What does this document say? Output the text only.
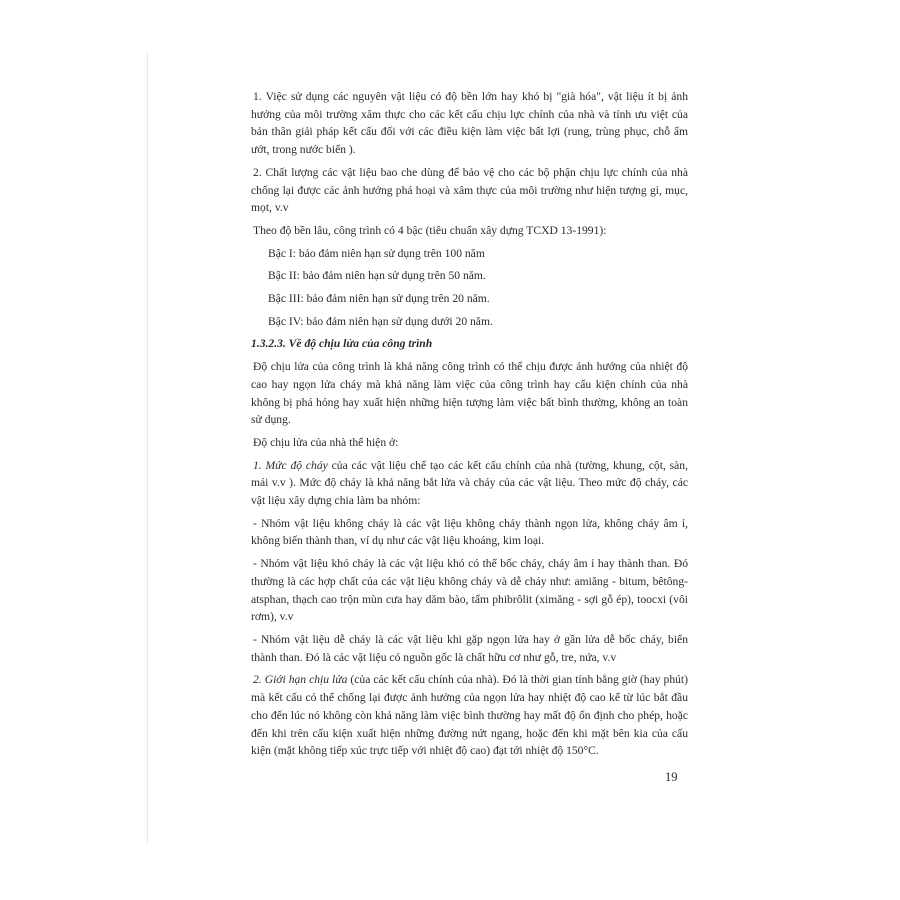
1. Việc sử dụng các nguyên vật liệu có độ bền lớn hay khó bị "già hóa", vật liệu ít bị ảnh hưởng của môi trường xâm thực cho các kết cấu chịu lực chính của nhà và tính ưu việt của bản thân giải pháp kết cấu đối với các điều kiện làm việc bất lợi (rung, trùng phục, chỗ ẩm ướt, trong nước biển ).

2. Chất lượng các vật liệu bao che dùng để bảo vệ cho các bộ phận chịu lực chính của nhà chống lại được các ảnh hưởng phá hoại và xâm thực của môi trường như hiện tượng gỉ, mục, mọt, v.v

Theo độ bền lâu, công trình có 4 bậc (tiêu chuẩn xây dựng TCXD 13-1991):

Bậc I: bảo đảm niên hạn sử dụng trên 100 năm

Bậc II: bảo đảm niên hạn sử dụng trên 50 năm.

Bậc III: bảo đảm niên hạn sử dụng trên 20 năm.

Bậc IV: bảo đảm niên hạn sử dụng dưới 20 năm.

1.3.2.3. Về độ chịu lửa của công trình

Độ chịu lửa của công trình là khả năng công trình có thể chịu được ảnh hưởng của nhiệt độ cao hay ngọn lửa cháy mà khả năng làm việc của công trình hay cấu kiện chính của nhà không bị phá hỏng hay xuất hiện những hiện tượng làm việc bất bình thường, không an toàn sử dụng.

Độ chịu lửa của nhà thể hiện ở:

1. Mức độ cháy của các vật liệu chế tạo các kết cấu chính của nhà (tường, khung, cột, sàn, mái v.v ). Mức độ cháy là khả năng bắt lửa và cháy của các vật liệu. Theo mức độ cháy, các vật liệu xây dựng chia làm ba nhóm:

- Nhóm vật liệu không cháy là các vật liệu không cháy thành ngọn lửa, không cháy âm ỉ, không biến thành than, ví dụ như các vật liệu khoáng, kim loại.

- Nhóm vật liệu khó cháy là các vật liệu khó có thể bốc cháy, cháy âm ỉ hay thành than. Đó thường là các hợp chất của các vật liệu không cháy và dễ cháy như: amiăng - bitum, bêtông-atsphan, thạch cao trộn mùn cưa hay dăm bào, tấm phibrôlit (ximăng - sợi gỗ ép), toocxi (vôi rơm), v.v

- Nhóm vật liệu dễ cháy là các vật liệu khi gặp ngọn lửa hay ở gần lửa dễ bốc cháy, biến thành than. Đó là các vật liệu có nguồn gốc là chất hữu cơ như gỗ, tre, nứa, v.v

2. Giới hạn chịu lửa (của các kết cấu chính của nhà). Đó là thời gian tính bằng giờ (hay phút) mà kết cấu có thể chống lại được ảnh hưởng của ngọn lửa hay nhiệt độ cao kể từ lúc bắt đầu cho đến lúc nó không còn khả năng làm việc bình thường hay mất độ ổn định cho phép, hoặc đến khi trên cấu kiện xuất hiện những đường nứt ngang, hoặc đến khi mặt bên kia của cấu kiện (mặt không tiếp xúc trực tiếp với nhiệt độ cao) đạt tới nhiệt độ 150°C.

19
